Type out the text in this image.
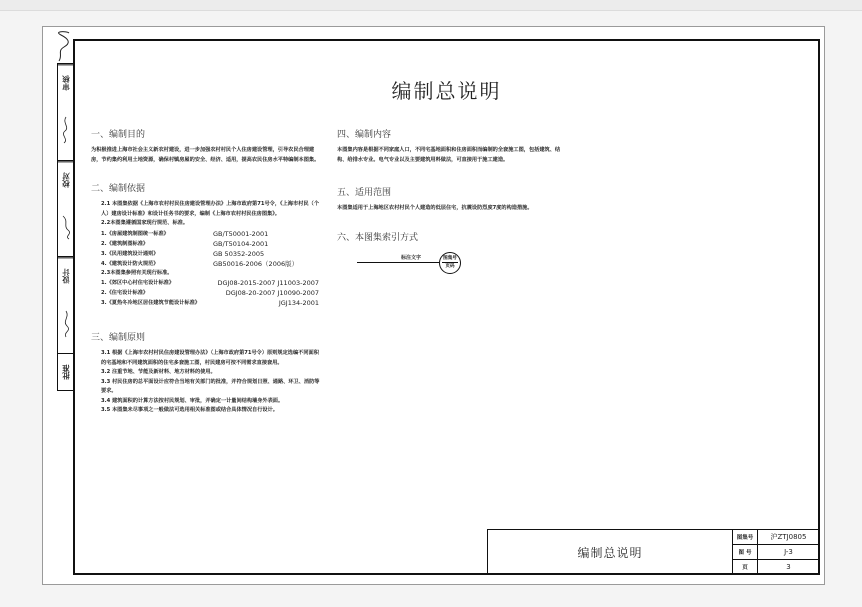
审核
校对
设计
批准
编制总说明

一、编制目的

为积极推进上海市社会主义新农村建设，进一步加强农村村民个人住房建设管理，引导农民合理建房，节约集约利用土地资源，确保村镇房屋的安全、经济、适用，提高农民住房水平特编制本图集。

二、编制依据

2.1 本图集依据《上海市农村村民住房建设管理办法》上海市政府第71号令，《上海市村民（个人）建房设计标准》和设计任务书的要求，编制《上海市农村村民住房图集》。

2.2本图集遵循国家现行规范、标准。

1.《房屋建筑制图统一标准》	GB/T50001-2001
2.《建筑制图标准》	GB/T50104-2001
3.《民用建筑设计通则》	GB 50352-2005
4.《建筑设计防火规范》	GB50016-2006（2006版）

2.3本图集参照有关现行标准。

1.《郊区中心村住宅设计标准》	DGJ08-2015-2007 J11003-2007
2.《住宅设计标准》	DGJ08-20-2007 J10090-2007
3.《夏热冬冷地区居住建筑节能设计标准》	JGJ134-2001

三、编制原则

3.1 根据《上海市农村村民住房建设管理办法》（上海市政府第71号令）原则规定选编不同面积的宅基地和不同建筑面积的住宅多套施工图，村民建房可按不同需求直接套用。

3.2 注重节地、节能及新材料、地方材料的使用。

3.3 村民住房的总平面设计应符合当地有关部门的批准，并符合规划日照、通路、环卫、消防等要求。

3.4 建筑面积的计算方法按村民规划、审批，并确定一计量间结构墙身外表面。

3.5 本图集未尽事项之一般做法可选用相关标准图或结合具体情况自行设计。

四、编制内容

本图集内容是根据不同家庭人口，不同宅基地面积和住房面积而编制的全套施工图，包括建筑、结构、给排水专业。电气专业以及主要建筑用料做法，可直接用于施工建造。

五、适用范围

本图集适用于上海地区农村村民个人建造的低层住宅，抗震设防烈度7度的构造措施。

六、本图集索引方式

标注文字	图集号
页码
编制总说明
图集号	沪ZTJ0805
图 号	J-3
页	3
